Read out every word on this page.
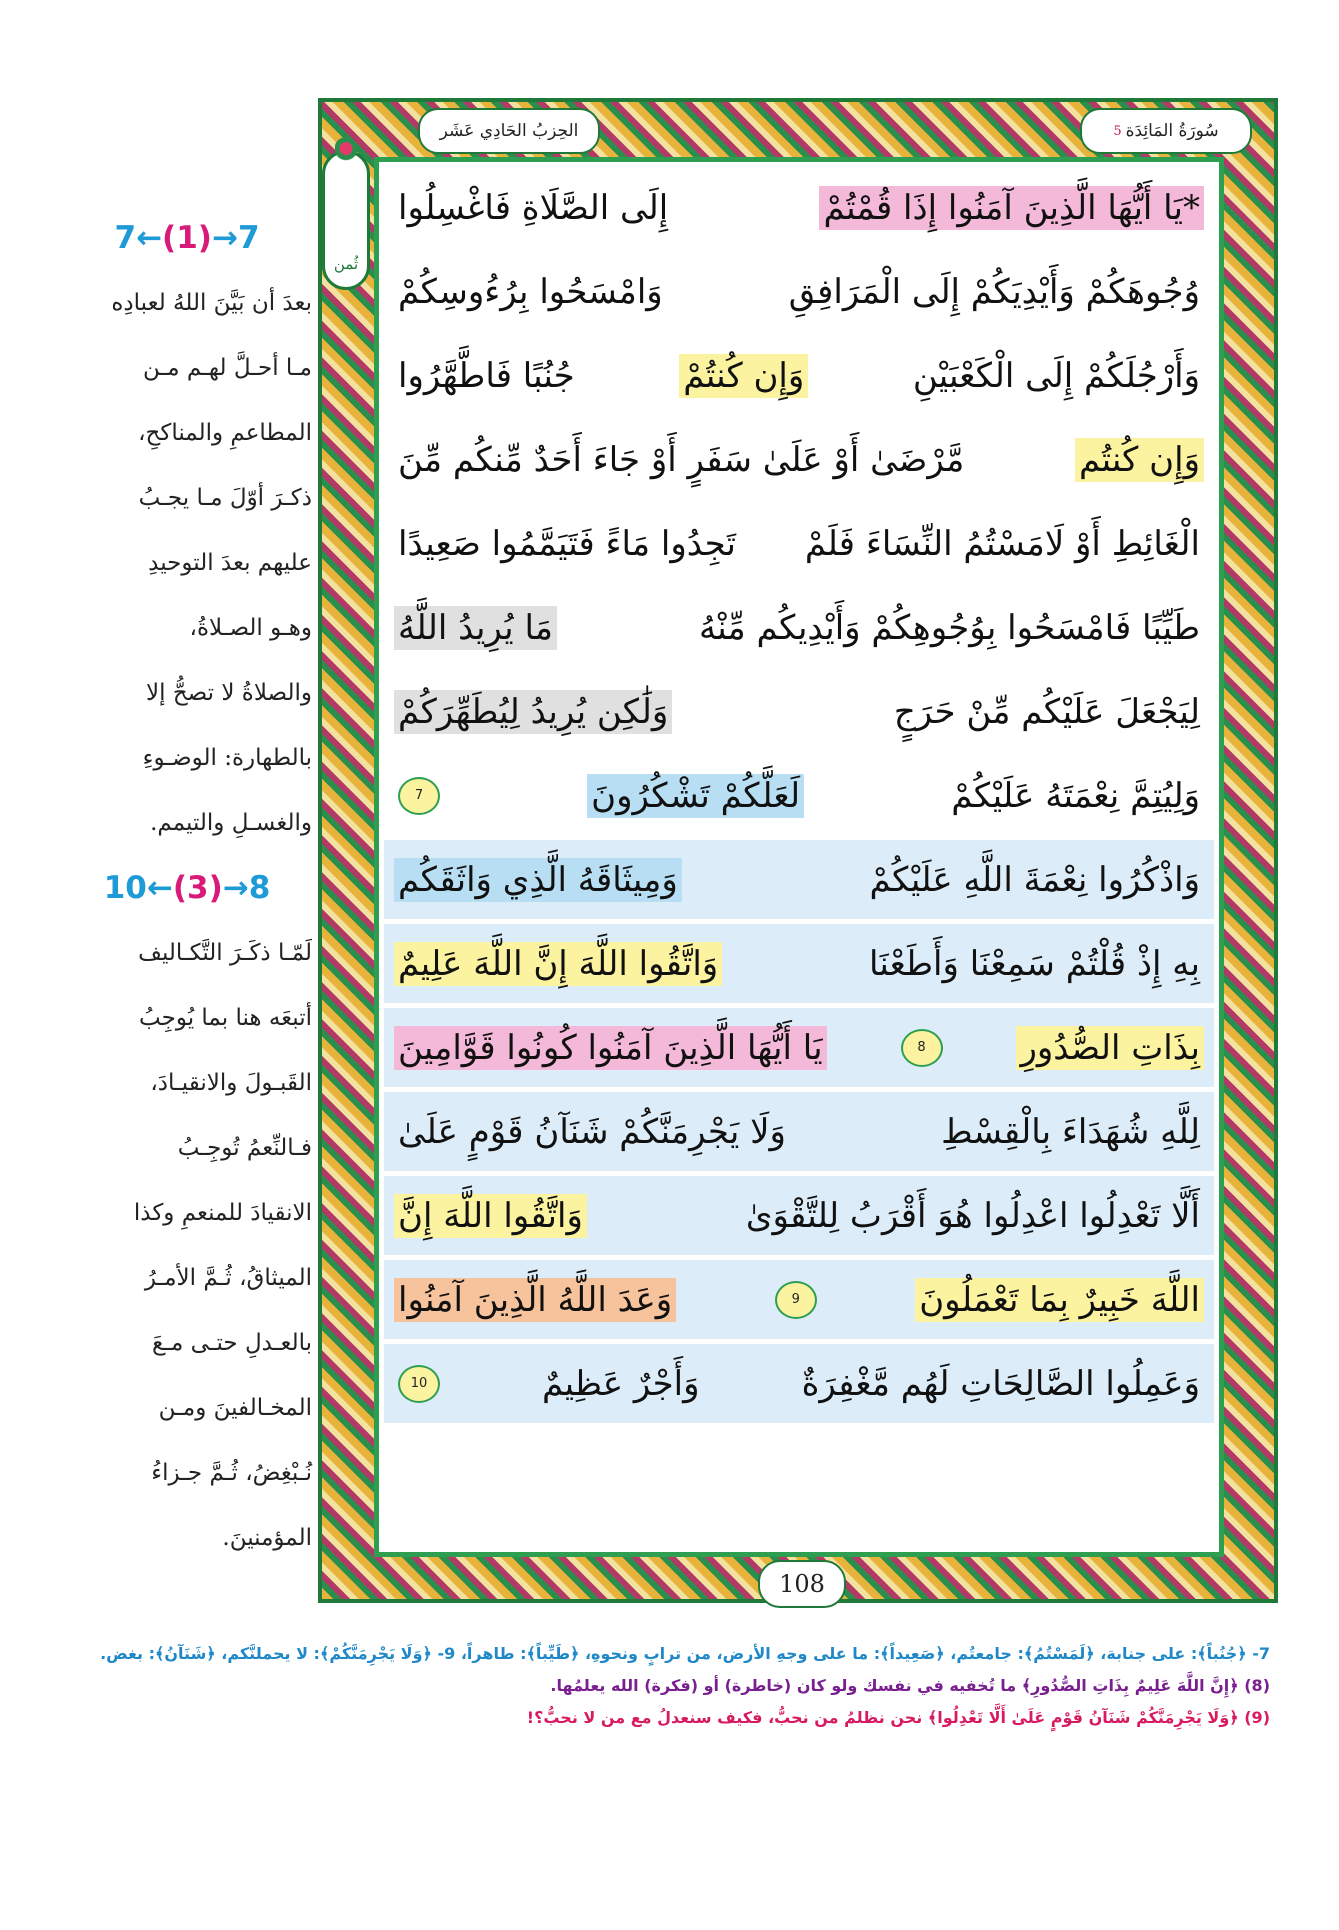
سُورَةُ المَائِدَة
5
الحِزبُ الحَادِي عَشَر
ثُمن
*يَا أَيُّهَا الَّذِينَ آمَنُوا إِذَا قُمْتُمْ
إِلَى الصَّلَاةِ فَاغْسِلُوا
وُجُوهَكُمْ وَأَيْدِيَكُمْ إِلَى الْمَرَافِقِ
وَامْسَحُوا بِرُءُوسِكُمْ
وَأَرْجُلَكُمْ إِلَى الْكَعْبَيْنِ
وَإِن كُنتُمْ
جُنُبًا فَاطَّهَّرُوا
وَإِن كُنتُم
مَّرْضَىٰ أَوْ عَلَىٰ سَفَرٍ أَوْ جَاءَ أَحَدٌ مِّنكُم مِّنَ
الْغَائِطِ أَوْ لَامَسْتُمُ النِّسَاءَ فَلَمْ
تَجِدُوا مَاءً فَتَيَمَّمُوا صَعِيدًا
طَيِّبًا فَامْسَحُوا بِوُجُوهِكُمْ وَأَيْدِيكُم مِّنْهُ
مَا يُرِيدُ اللَّهُ
لِيَجْعَلَ عَلَيْكُم مِّنْ حَرَجٍ
وَلَٰكِن يُرِيدُ لِيُطَهِّرَكُمْ
وَلِيُتِمَّ نِعْمَتَهُ عَلَيْكُمْ
لَعَلَّكُمْ تَشْكُرُونَ
7
وَاذْكُرُوا نِعْمَةَ اللَّهِ عَلَيْكُمْ
وَمِيثَاقَهُ الَّذِي وَاثَقَكُم
بِهِ إِذْ قُلْتُمْ سَمِعْنَا وَأَطَعْنَا
وَاتَّقُوا اللَّهَ إِنَّ اللَّهَ عَلِيمٌ
بِذَاتِ الصُّدُورِ
8
يَا أَيُّهَا الَّذِينَ آمَنُوا كُونُوا قَوَّامِينَ
لِلَّهِ شُهَدَاءَ بِالْقِسْطِ
وَلَا يَجْرِمَنَّكُمْ شَنَآنُ قَوْمٍ عَلَىٰ
أَلَّا تَعْدِلُوا اعْدِلُوا هُوَ أَقْرَبُ لِلتَّقْوَىٰ
وَاتَّقُوا اللَّهَ إِنَّ
اللَّهَ خَبِيرٌ بِمَا تَعْمَلُونَ
9
وَعَدَ اللَّهُ الَّذِينَ آمَنُوا
وَعَمِلُوا الصَّالِحَاتِ لَهُم مَّغْفِرَةٌ
وَأَجْرٌ عَظِيمٌ
10
108
7 ← (1) → 7
بعدَ أن بَيَّنَ اللهُ لعبادِه
مـا أحـلَّ لهـم مـن
المطاعمِ والمناكحِ،
ذكـرَ أوّلَ مـا يجـبُ
عليهم بعدَ التوحيدِ
وهـو الصـلاةُ،
والصلاةُ لا تصحُّ إلا
بالطهارة: الوضـوءِ
والغسـلِ والتيمم.
10 ← (3) → 8
لَمّـا ذكَـرَ التَّكـاليف
أتبعَه هنا بما يُوجِبُ
القَبـولَ والانقيـادَ،
فـالنِّعمُ تُوجِـبُ
الانقيادَ للمنعمِ وكذا
الميثاقُ، ثُـمَّ الأمـرُ
بالعـدلِ حتـى مـعَ
المخـالفينَ ومـن
نُـبْغِضُ، ثُـمَّ جـزاءُ
المؤمنينَ.

7- ﴿جُنُباً﴾: على جنابة، ﴿لَمَسْتُمُ﴾: جامعتُم، ﴿صَعِيداً﴾: ما على وجهِ الأرض، من ترابٍ ونحوهِ، ﴿طَيِّباً﴾: طاهراً، 9- ﴿وَلَا يَجْرِمَنَّكُمْ﴾: لا يحملنَّكم، ﴿شَنَآنُ﴾: بغض.

(8) ﴿إِنَّ اللَّهَ عَلِيمٌ بِذَاتِ الصُّدُورِ﴾ ما تُخفيه في نفسك ولو كان (خاطرة) أو (فكرة) الله يعلمُها.

(9) ﴿وَلَا يَجْرِمَنَّكُمْ شَنَآنُ قَوْمٍ عَلَىٰ أَلَّا تَعْدِلُوا﴾ نحن نظلمُ من نحبُّ، فكيف سنعدلُ مع من لا نحبُّ؟!
